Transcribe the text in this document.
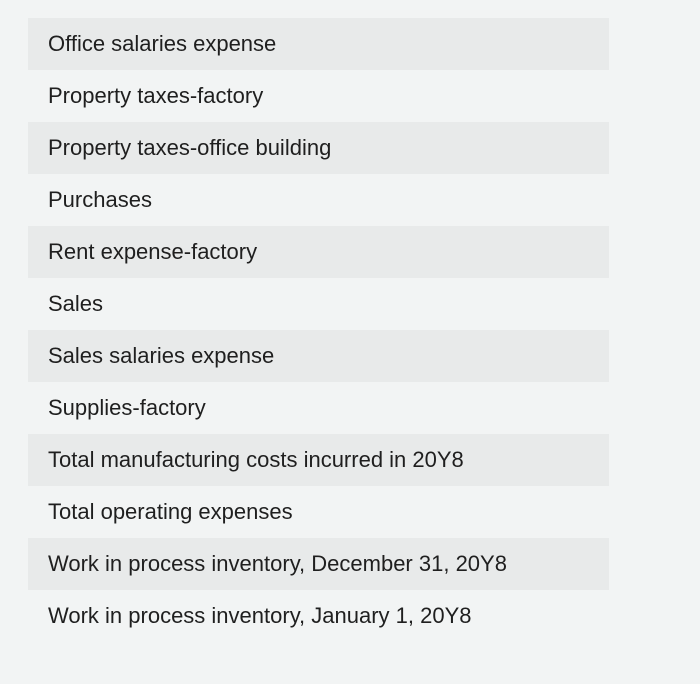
Office salaries expense
Property taxes-factory
Property taxes-office building
Purchases
Rent expense-factory
Sales
Sales salaries expense
Supplies-factory
Total manufacturing costs incurred in 20Y8
Total operating expenses
Work in process inventory, December 31, 20Y8
Work in process inventory, January 1, 20Y8
